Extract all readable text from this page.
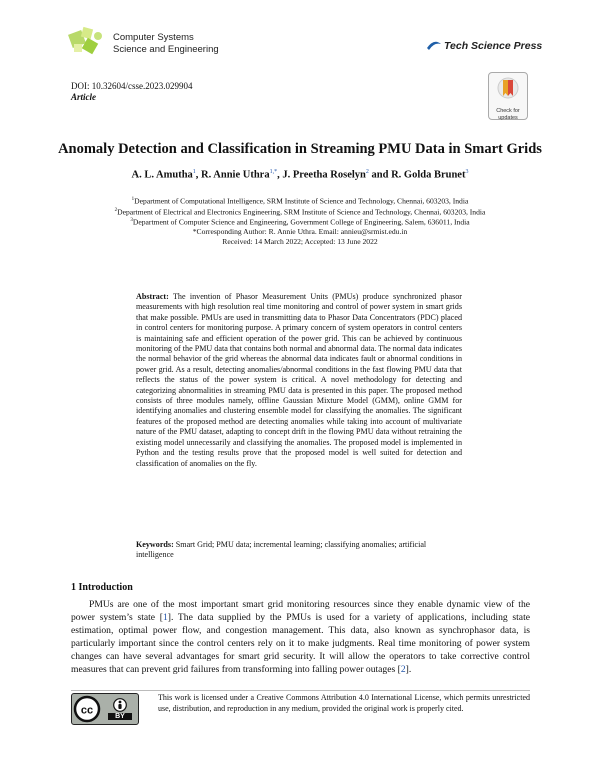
Computer Systems
Science and Engineering	Tech Science Press
DOI: 10.32604/csse.2023.029904
Article
Check for
updates
Anomaly Detection and Classification in Streaming PMU Data in Smart Grids
A. L. Amutha$^1$, R. Annie Uthra$^{1,*}$, J. Preetha Roselyn$^2$ and R. Golda Brunet$^3$
$^1$Department of Computational Intelligence, SRM Institute of Science and Technology, Chennai, 603203, India
$^2$Department of Electrical and Electronics Engineering, SRM Institute of Science and Technology, Chennai, 603203, India
$^3$Department of Computer Science and Engineering, Government College of Engineering, Salem, 636011, India
*Corresponding Author: R. Annie Uthra. Email: annieu@srmist.edu.in
Received: 14 March 2022; Accepted: 13 June 2022
Abstract: The invention of Phasor Measurement Units (PMUs) produce synchronized phasor measurements with high resolution real time monitoring and control of power system in smart grids that make possible. PMUs are used in transmitting data to Phasor Data Concentrators (PDC) placed in control centers for monitoring purpose. A primary concern of system operators in control centers is maintaining safe and efficient operation of the power grid. This can be achieved by continuous monitoring of the PMU data that contains both normal and abnormal data. The normal data indicates the normal behavior of the grid whereas the abnormal data indicates fault or abnormal conditions in power grid. As a result, detecting anomalies/abnormal conditions in the fast flowing PMU data that reflects the status of the power system is critical. A novel methodology for detecting and categorizing abnormalities in streaming PMU data is presented in this paper. The proposed method consists of three modules namely, offline Gaussian Mixture Model (GMM), online GMM for identifying anomalies and clustering ensemble model for classifying the anomalies. The significant features of the proposed method are detecting anomalies while taking into account of multivariate nature of the PMU dataset, adapting to concept drift in the flowing PMU data without retraining the existing model unnecessarily and classifying the anomalies. The proposed model is implemented in Python and the testing results prove that the proposed model is well suited for detection and classification of anomalies on the fly.
Keywords: Smart Grid; PMU data; incremental learning; classifying anomalies; artificial intelligence
1 Introduction

PMUs are one of the most important smart grid monitoring resources since they enable dynamic view of the power system’s state [1]. The data supplied by the PMUs is used for a variety of applications, including state estimation, optimal power flow, and congestion management. This data, also known as synchrophasor data, is particularly important since the control centers rely on it to make judgments. Real time monitoring of power system changes can have several advantages for smart grid security. It will allow the operators to take corrective control measures that can prevent grid failures from transforming into falling power outages [2].

cc	BY
This work is licensed under a Creative Commons Attribution 4.0 International License, which permits unrestricted use, distribution, and reproduction in any medium, provided the original work is properly cited.
